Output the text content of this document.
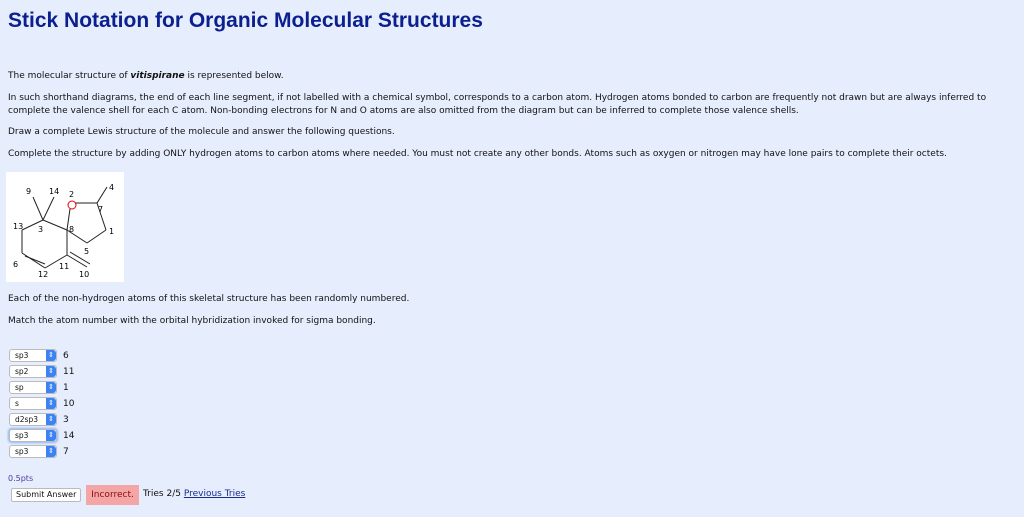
Stick Notation for Organic Molecular Structures

The molecular structure of vitispirane is represented below.

In such shorthand diagrams, the end of each line segment, if not labelled with a chemical symbol, corresponds to a carbon atom. Hydrogen atoms bonded to carbon are frequently not drawn but are always inferred to complete the valence shell for each C atom. Non-bonding electrons for N and O atoms are also omitted from the diagram but can be inferred to complete those valence shells.

Draw a complete Lewis structure of the molecule and answer the following questions.

Complete the structure by adding ONLY hydrogen atoms to carbon atoms where needed. You must not create any other bonds. Atoms such as oxygen or nitrogen may have lone pairs to complete their octets.

9 14 2
4
7
13 3	8	1
5
6	11
12	10

Each of the non-hydrogen atoms of this skeletal structure has been randomly numbered.

Match the atom number with the orbital hybridization invoked for sigma bonding.

sp3	⇕ 6
sp2	⇕ 11
sp	⇕ 1
s	⇕ 10
d2sp3	⇕ 3
sp3	⇕ 14
sp3	⇕ 7
0.5pts
Submit Answer	Incorrect.	Tries 2/5 Previous Tries
